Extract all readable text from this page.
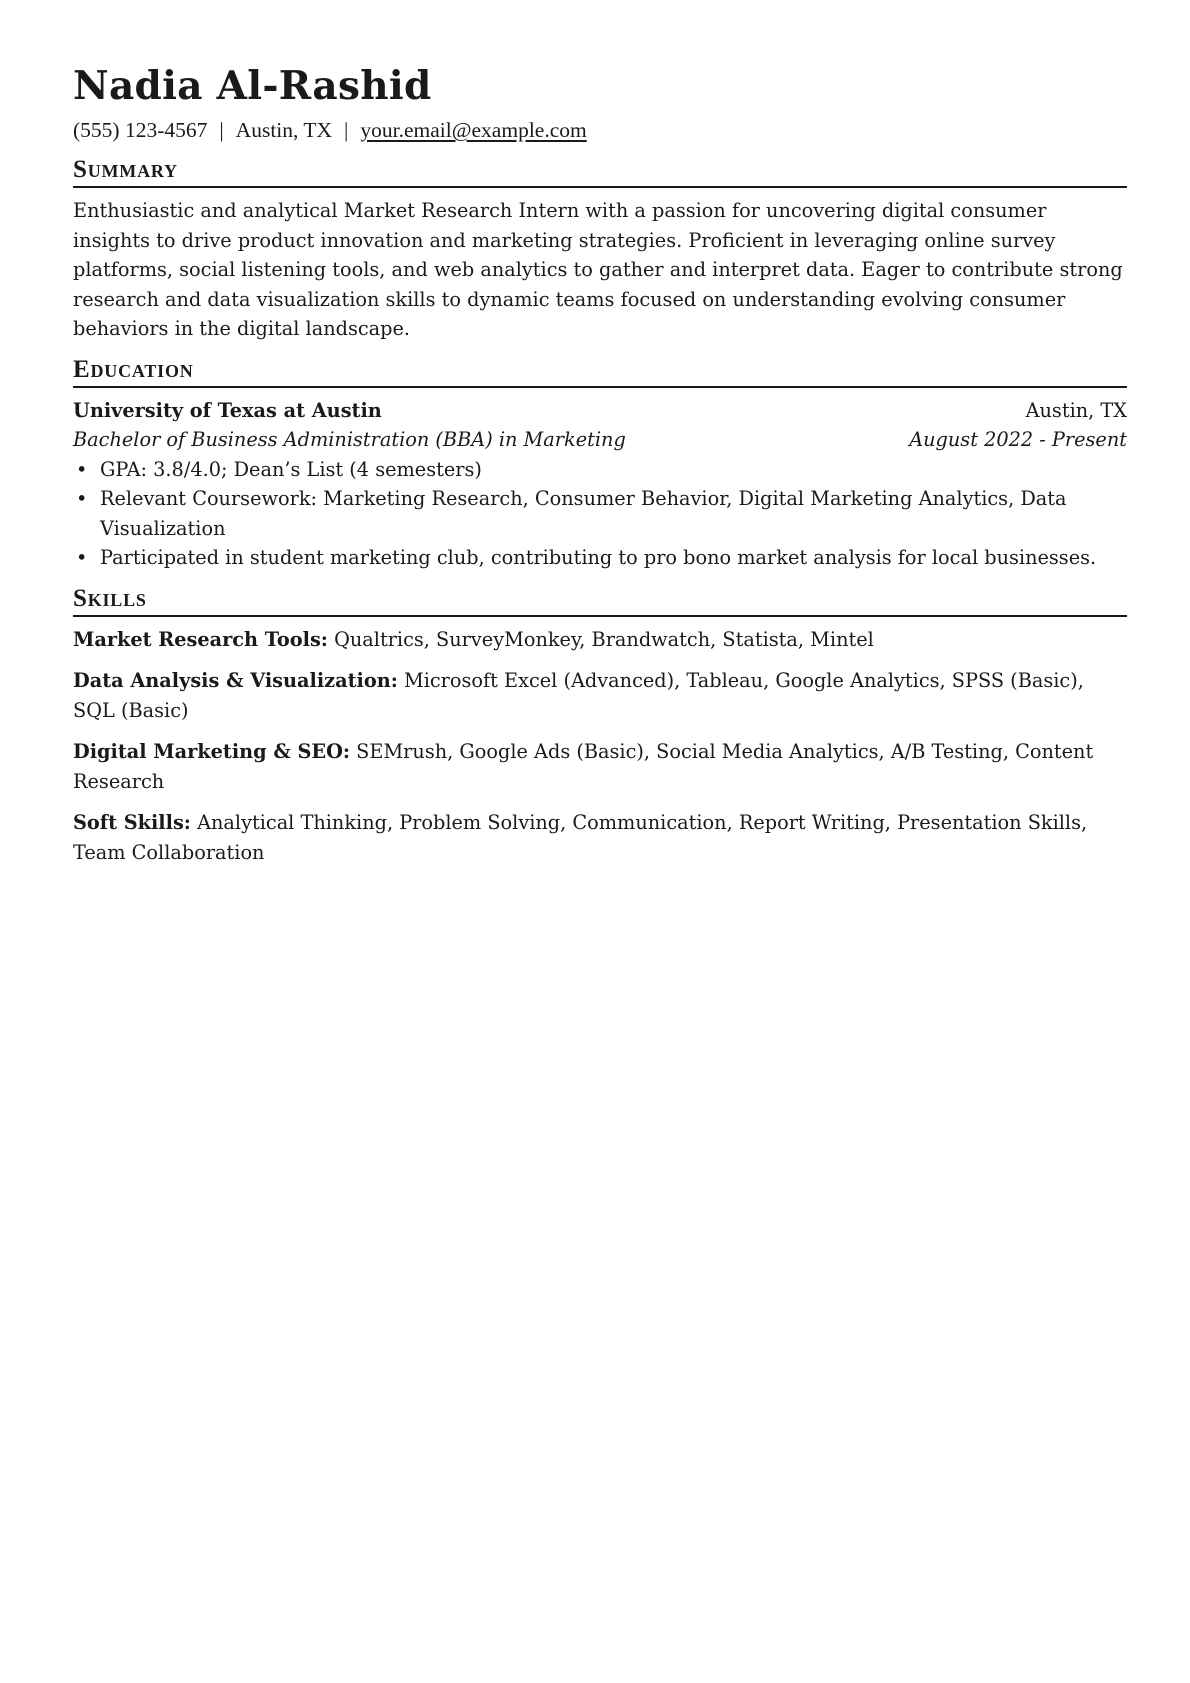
Nadia Al-Rashid
(555) 123-4567 | Austin, TX | your.email@example.com
Summary

Enthusiastic and analytical Market Research Intern with a passion for uncovering digital consumer insights to drive product innovation and marketing strategies. Proficient in leveraging online survey platforms, social listening tools, and web analytics to gather and interpret data. Eager to contribute strong research and data visualization skills to dynamic teams focused on understanding evolving consumer behaviors in the digital landscape.

Education
University of Texas at Austin	Austin, TX
Bachelor of Business Administration (BBA) in Marketing	August 2022 - Present
• GPA: 3.8/4.0; Dean’s List (4 semesters)
• Relevant Coursework: Marketing Research, Consumer Behavior, Digital Marketing Analytics, Data Visualization
• Participated in student marketing club, contributing to pro bono market analysis for local businesses.
Skills

Market Research Tools: Qualtrics, SurveyMonkey, Brandwatch, Statista, Mintel

Data Analysis & Visualization: Microsoft Excel (Advanced), Tableau, Google Analytics, SPSS (Basic), SQL (Basic)

Digital Marketing & SEO: SEMrush, Google Ads (Basic), Social Media Analytics, A/B Testing, Content Research

Soft Skills: Analytical Thinking, Problem Solving, Communication, Report Writing, Presentation Skills, Team Collaboration
